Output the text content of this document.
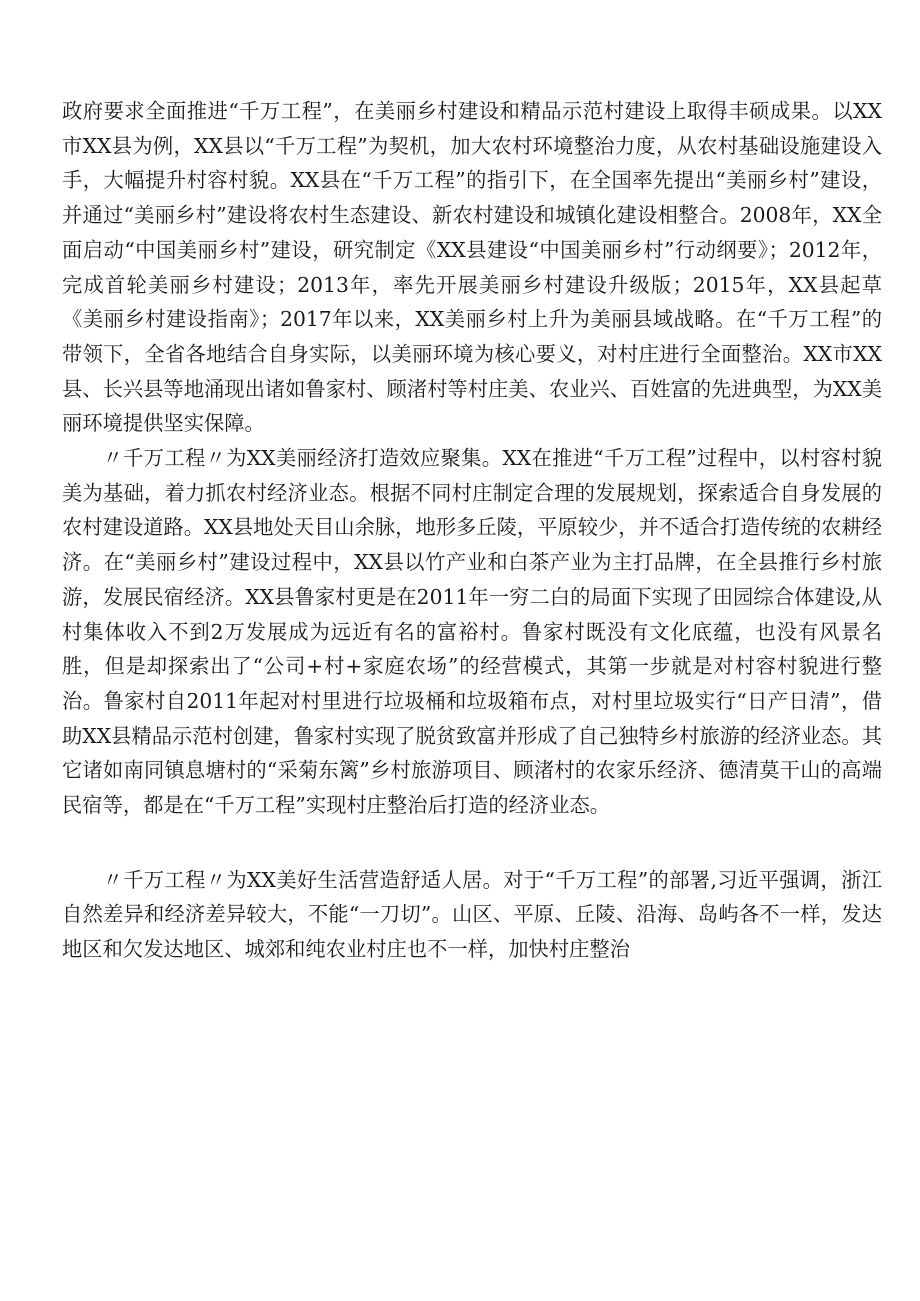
政府要求全面推进“千万工程”，在美丽乡村建设和精品示范村建设上取得丰硕成果。以XX市XX县为例，XX县以“千万工程”为契机，加大农村环境整治力度，从农村基础设施建设入手，大幅提升村容村貌。XX县在“千万工程”的指引下，在全国率先提出“美丽乡村”建设，并通过“美丽乡村”建设将农村生态建设、新农村建设和城镇化建设相整合。2008年，XX全面启动“中国美丽乡村”建设，研究制定《XX县建设“中国美丽乡村”行动纲要》；2012年，完成首轮美丽乡村建设；2013年，率先开展美丽乡村建设升级版；2015年，XX县起草《美丽乡村建设指南》；2017年以来，XX美丽乡村上升为美丽县域战略。在“千万工程”的带领下，全省各地结合自身实际，以美丽环境为核心要义，对村庄进行全面整治。XX市XX县、长兴县等地涌现出诸如鲁家村、顾渚村等村庄美、农业兴、百姓富的先进典型，为XX美丽环境提供坚实保障。

〃千万工程〃为XX美丽经济打造效应聚集。XX在推进“千万工程”过程中，以村容村貌美为基础，着力抓农村经济业态。根据不同村庄制定合理的发展规划，探索适合自身发展的农村建设道路。XX县地处天目山余脉，地形多丘陵，平原较少，并不适合打造传统的农耕经济。在“美丽乡村”建设过程中，XX县以竹产业和白茶产业为主打品牌，在全县推行乡村旅游，发展民宿经济。XX县鲁家村更是在2011年一穷二白的局面下实现了田园综合体建设,从村集体收入不到2万发展成为远近有名的富裕村。鲁家村既没有文化底蕴，也没有风景名胜，但是却探索出了“公司+村+家庭农场”的经营模式，其第一步就是对村容村貌进行整治。鲁家村自2011年起对村里进行垃圾桶和垃圾箱布点，对村里垃圾实行“日产日清”，借助XX县精品示范村创建，鲁家村实现了脱贫致富并形成了自己独特乡村旅游的经济业态。其它诸如南同镇息塘村的“采菊东篱”乡村旅游项目、顾渚村的农家乐经济、德清莫干山的高端民宿等，都是在“千万工程”实现村庄整治后打造的经济业态。

〃千万工程〃为XX美好生活营造舒适人居。对于“千万工程”的部署,习近平强调，浙江自然差异和经济差异较大，不能“一刀切”。山区、平原、丘陵、沿海、岛屿各不一样，发达地区和欠发达地区、城郊和纯农业村庄也不一样，加快村庄整治
